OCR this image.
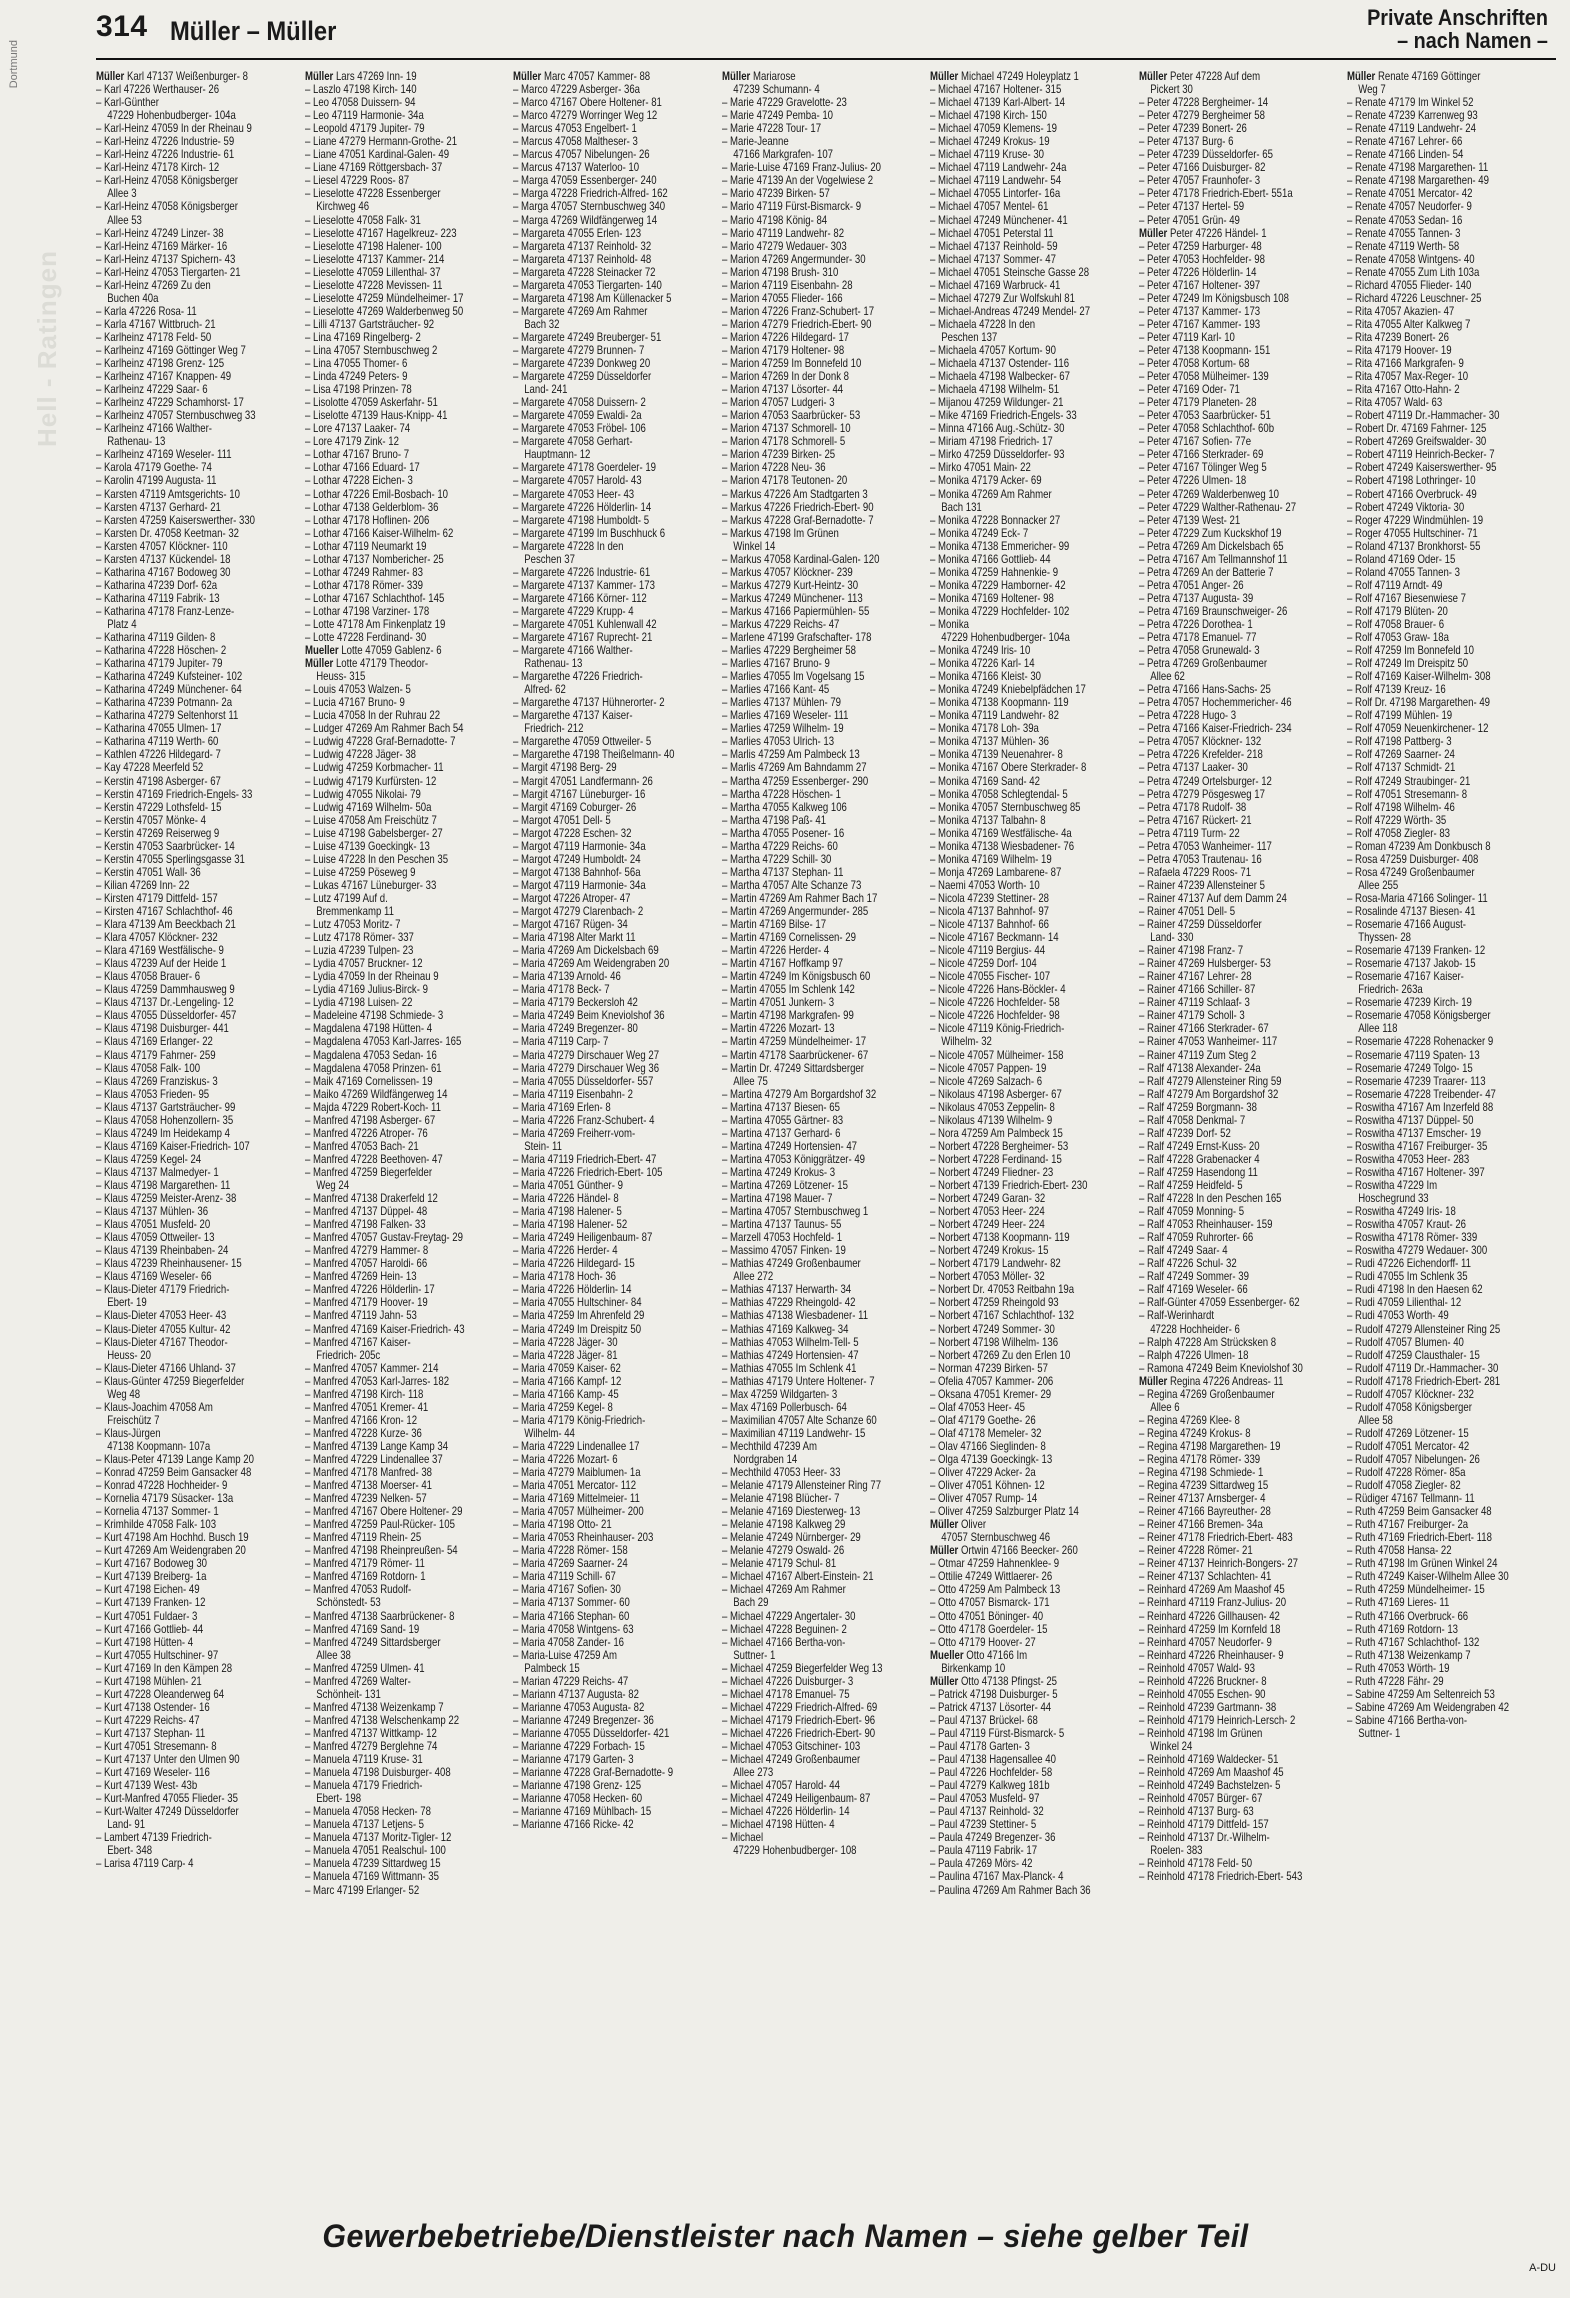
314 Müller – Müller	Private Anschriften
– nach Namen –
Hell - Ratingen
Dortmund	Müller Karl 47137 Weißenburger- 8
– Karl 47226 Werthauser- 26
– Karl-Günther
47229 Hohenbudberger- 104a
– Karl-Heinz 47059 In der Rheinau 9
– Karl-Heinz 47226 Industrie- 59
– Karl-Heinz 47226 Industrie- 61
– Karl-Heinz 47178 Kirch- 12
– Karl-Heinz 47058 Königsberger
Allee 3
– Karl-Heinz 47058 Königsberger
Allee 53
– Karl-Heinz 47249 Linzer- 38
– Karl-Heinz 47169 Märker- 16
– Karl-Heinz 47137 Spichern- 43
– Karl-Heinz 47053 Tiergarten- 21
– Karl-Heinz 47269 Zu den
Buchen 40a
– Karla 47226 Rosa- 11
– Karla 47167 Wittbruch- 21
– Karlheinz 47178 Feld- 50
– Karlheinz 47169 Göttinger Weg 7
– Karlheinz 47198 Grenz- 125
– Karlheinz 47167 Knappen- 49
– Karlheinz 47229 Saar- 6
– Karlheinz 47229 Schamhorst- 17
– Karlheinz 47057 Sternbuschweg 33
– Karlheinz 47166 Walther-
Rathenau- 13
– Karlheinz 47169 Weseler- 111
– Karola 47179 Goethe- 74
– Karolin 47199 Augusta- 11
– Karsten 47119 Amtsgerichts- 10
– Karsten 47137 Gerhard- 21
– Karsten 47259 Kaiserswerther- 330
– Karsten Dr. 47058 Keetman- 32
– Karsten 47057 Klöckner- 110
– Karsten 47137 Kückendel- 18
– Katharina 47167 Bodoweg 30
– Katharina 47239 Dorf- 62a
– Katharina 47119 Fabrik- 13
– Katharina 47178 Franz-Lenze-
Platz 4
– Katharina 47119 Gilden- 8
– Katharina 47228 Höschen- 2
– Katharina 47179 Jupiter- 79
– Katharina 47249 Kufsteiner- 102
– Katharina 47249 Münchener- 64
– Katharina 47239 Potmann- 2a
– Katharina 47279 Seltenhorst 11
– Katharina 47055 Ulmen- 17
– Katharina 47119 Werth- 60
– Kathlen 47226 Hildegard- 7
– Kay 47228 Meerfeld 52
– Kerstin 47198 Asberger- 67
– Kerstin 47169 Friedrich-Engels- 33
– Kerstin 47229 Lothsfeld- 15
– Kerstin 47057 Mönke- 4
– Kerstin 47269 Reiserweg 9
– Kerstin 47053 Saarbrücker- 14
– Kerstin 47055 Sperlingsgasse 31
– Kerstin 47051 Wall- 36
– Kilian 47269 Inn- 22
– Kirsten 47179 Dittfeld- 157
– Kirsten 47167 Schlachthof- 46
– Klara 47139 Am Beeckbach 21
– Klara 47057 Klöckner- 232
– Klara 47169 Westfälische- 9
– Klaus 47239 Auf der Heide 1
– Klaus 47058 Brauer- 6
– Klaus 47259 Dammhausweg 9
– Klaus 47137 Dr.-Lengeling- 12
– Klaus 47055 Düsseldorfer- 457
– Klaus 47198 Duisburger- 441
– Klaus 47169 Erlanger- 22
– Klaus 47179 Fahrner- 259
– Klaus 47058 Falk- 100
– Klaus 47269 Franziskus- 3
– Klaus 47053 Frieden- 95
– Klaus 47137 Gartsträucher- 99
– Klaus 47058 Hohenzollern- 35
– Klaus 47249 Im Heidekamp 4
– Klaus 47169 Kaiser-Friedrich- 107
– Klaus 47259 Kegel- 24
– Klaus 47137 Malmedyer- 1
– Klaus 47198 Margarethen- 11
– Klaus 47259 Meister-Arenz- 38
– Klaus 47137 Mühlen- 36
– Klaus 47051 Musfeld- 20
– Klaus 47059 Ottweiler- 13
– Klaus 47139 Rheinbaben- 24
– Klaus 47239 Rheinhausener- 15
– Klaus 47169 Weseler- 66
– Klaus-Dieter 47179 Friedrich-
Ebert- 19
– Klaus-Dieter 47053 Heer- 43
– Klaus-Dieter 47055 Kultur- 42
– Klaus-Dieter 47167 Theodor-
Heuss- 20
– Klaus-Dieter 47166 Uhland- 37
– Klaus-Günter 47259 Biegerfelder
Weg 48
– Klaus-Joachim 47058 Am
Freischütz 7
– Klaus-Jürgen
47138 Koopmann- 107a
– Klaus-Peter 47139 Lange Kamp 20
– Konrad 47259 Beim Gansacker 48
– Konrad 47228 Hochheider- 9
– Kornelia 47179 Süsacker- 13a
– Kornelia 47137 Sommer- 1
– Krimhilde 47058 Falk- 103
– Kurt 47198 Am Hochhd. Busch 19
– Kurt 47269 Am Weidengraben 20
– Kurt 47167 Bodoweg 30
– Kurt 47139 Breiberg- 1a
– Kurt 47198 Eichen- 49
– Kurt 47139 Franken- 12
– Kurt 47051 Fuldaer- 3
– Kurt 47166 Gottlieb- 44
– Kurt 47198 Hütten- 4
– Kurt 47055 Hultschiner- 97
– Kurt 47169 In den Kämpen 28
– Kurt 47198 Mühlen- 21
– Kurt 47228 Oleanderweg 64
– Kurt 47138 Ostender- 16
– Kurt 47229 Reichs- 47
– Kurt 47137 Stephan- 11
– Kurt 47051 Stresemann- 8
– Kurt 47137 Unter den Ulmen 90
– Kurt 47169 Weseler- 116
– Kurt 47139 West- 43b
– Kurt-Manfred 47055 Flieder- 35
– Kurt-Walter 47249 Düsseldorfer
Land- 91
– Lambert 47139 Friedrich-
Ebert- 348
– Larisa 47119 Carp- 4
Müller Lars 47269 Inn- 19
– Laszlo 47198 Kirch- 140
– Leo 47058 Duissern- 94
– Leo 47119 Harmonie- 34a
– Leopold 47179 Jupiter- 79
– Liane 47279 Hermann-Grothe- 21
– Liane 47051 Kardinal-Galen- 49
– Liane 47169 Röttgersbach- 37
– Liesel 47229 Roos- 87
– Lieselotte 47228 Essenberger
Kirchweg 46
– Lieselotte 47058 Falk- 31
– Lieselotte 47167 Hagelkreuz- 223
– Lieselotte 47198 Halener- 100
– Lieselotte 47137 Kammer- 214
– Lieselotte 47059 Lillenthal- 37
– Lieselotte 47228 Mevissen- 11
– Lieselotte 47259 Mündelheimer- 17
– Lieselotte 47269 Walderbenweg 50
– Lilli 47137 Gartsträucher- 92
– Lina 47169 Ringelberg- 2
– Lina 47057 Sternbuschweg 2
– Lina 47055 Thomer- 6
– Linda 47249 Peters- 9
– Lisa 47198 Prinzen- 78
– Lisolotte 47059 Askerfahr- 51
– Liselotte 47139 Haus-Knipp- 41
– Lore 47137 Laaker- 74
– Lore 47179 Zink- 12
– Lothar 47167 Bruno- 7
– Lothar 47166 Eduard- 17
– Lothar 47228 Eichen- 3
– Lothar 47226 Emil-Bosbach- 10
– Lothar 47138 Gelderblom- 36
– Lothar 47178 Hoflinen- 206
– Lothar 47166 Kaiser-Wilhelm- 62
– Lothar 47119 Neumarkt 19
– Lothar 47137 Nombericher- 25
– Lothar 47249 Rahmer- 83
– Lothar 47178 Römer- 339
– Lothar 47167 Schlachthof- 145
– Lothar 47198 Varziner- 178
– Lotte 47178 Am Finkenplatz 19
– Lotte 47228 Ferdinand- 30
Mueller Lotte 47059 Gablenz- 6
Müller Lotte 47179 Theodor-
Heuss- 315
– Louis 47053 Walzen- 5
– Lucia 47167 Bruno- 9
– Lucia 47058 In der Ruhrau 22
– Ludger 47269 Am Rahmer Bach 54
– Ludwig 47228 Graf-Bernadotte- 7
– Ludwig 47228 Jäger- 38
– Ludwig 47259 Korbmacher- 11
– Ludwig 47179 Kurfürsten- 12
– Ludwig 47055 Nikolai- 79
– Ludwig 47169 Wilhelm- 50a
– Luise 47058 Am Freischütz 7
– Luise 47198 Gabelsberger- 27
– Luise 47139 Goeckingk- 13
– Luise 47228 In den Peschen 35
– Luise 47259 Pöseweg 9
– Lukas 47167 Lüneburger- 33
– Lutz 47199 Auf d.
Bremmenkamp 11
– Lutz 47053 Moritz- 7
– Lutz 47178 Römer- 337
– Luzia 47239 Tulpen- 23
– Lydia 47057 Bruckner- 12
– Lydia 47059 In der Rheinau 9
– Lydia 47169 Julius-Birck- 9
– Lydia 47198 Luisen- 22
– Madeleine 47198 Schmiede- 3
– Magdalena 47198 Hütten- 4
– Magdalena 47053 Karl-Jarres- 165
– Magdalena 47053 Sedan- 16
– Magdalena 47058 Prinzen- 61
– Maik 47169 Cornelissen- 19
– Maiko 47269 Wildfängerweg 14
– Majda 47229 Robert-Koch- 11
– Manfred 47198 Asberger- 67
– Manfred 47226 Atroper- 76
– Manfred 47053 Bach- 21
– Manfred 47228 Beethoven- 47
– Manfred 47259 Biegerfelder
Weg 24
– Manfred 47138 Drakerfeld 12
– Manfred 47137 Düppel- 48
– Manfred 47198 Falken- 33
– Manfred 47057 Gustav-Freytag- 29
– Manfred 47279 Hammer- 8
– Manfred 47057 Haroldi- 66
– Manfred 47269 Hein- 13
– Manfred 47226 Hölderlin- 17
– Manfred 47179 Hoover- 19
– Manfred 47119 Jahn- 53
– Manfred 47169 Kaiser-Friedrich- 43
– Manfred 47167 Kaiser-
Friedrich- 205c
– Manfred 47057 Kammer- 214
– Manfred 47053 Karl-Jarres- 182
– Manfred 47198 Kirch- 118
– Manfred 47051 Kremer- 41
– Manfred 47166 Kron- 12
– Manfred 47228 Kurze- 36
– Manfred 47139 Lange Kamp 34
– Manfred 47229 Lindenallee 37
– Manfred 47178 Manfred- 38
– Manfred 47138 Moerser- 41
– Manfred 47239 Nelken- 57
– Manfred 47167 Obere Holtener- 29
– Manfred 47259 Paul-Rücker- 105
– Manfred 47119 Rhein- 25
– Manfred 47198 Rheinpreußen- 54
– Manfred 47179 Römer- 11
– Manfred 47169 Rotdorn- 1
– Manfred 47053 Rudolf-
Schönstedt- 53
– Manfred 47138 Saarbrückener- 8
– Manfred 47169 Sand- 19
– Manfred 47249 Sittardsberger
Allee 38
– Manfred 47259 Ulmen- 41
– Manfred 47269 Walter-
Schönheit- 131
– Manfred 47138 Weizenkamp 7
– Manfred 47138 Welschenkamp 22
– Manfred 47137 Wittkamp- 12
– Manfred 47279 Berglehne 74
– Manuela 47119 Kruse- 31
– Manuela 47198 Duisburger- 408
– Manuela 47179 Friedrich-
Ebert- 198
– Manuela 47058 Hecken- 78
– Manuela 47137 Letjens- 5
– Manuela 47137 Moritz-Tigler- 12
– Manuela 47051 Realschul- 100
– Manuela 47239 Sittardweg 15
– Manuela 47169 Wittmann- 35
– Marc 47199 Erlanger- 52
Müller Marc 47057 Kammer- 88
– Marco 47229 Asberger- 36a
– Marco 47167 Obere Holtener- 81
– Marco 47279 Worringer Weg 12
– Marcus 47053 Engelbert- 1
– Marcus 47058 Maltheser- 3
– Marcus 47057 Nibelungen- 26
– Marcus 47137 Waterloo- 10
– Marga 47059 Essenberger- 240
– Marga 47228 Friedrich-Alfred- 162
– Marga 47057 Sternbuschweg 340
– Marga 47269 Wildfängerweg 14
– Margareta 47055 Erlen- 123
– Margareta 47137 Reinhold- 32
– Margareta 47137 Reinhold- 48
– Margareta 47228 Steinacker 72
– Margareta 47053 Tiergarten- 140
– Margareta 47198 Am Küllenacker 5
– Margarete 47269 Am Rahmer
Bach 32
– Margarete 47249 Breuberger- 51
– Margarete 47279 Brunnen- 7
– Margarete 47239 Donkweg 20
– Margarete 47259 Düsseldorfer
Land- 241
– Margarete 47058 Duissern- 2
– Margarete 47059 Ewaldi- 2a
– Margarete 47053 Fröbel- 106
– Margarete 47058 Gerhart-
Hauptmann- 12
– Margarete 47178 Goerdeler- 19
– Margarete 47057 Harold- 43
– Margarete 47053 Heer- 43
– Margarete 47226 Hölderlin- 14
– Margarete 47198 Humboldt- 5
– Margarete 47199 Im Buschhuck 6
– Margarete 47228 In den
Peschen 37
– Margarete 47226 Industrie- 61
– Margarete 47137 Kammer- 173
– Margarete 47166 Körner- 112
– Margarete 47229 Krupp- 4
– Margarete 47051 Kuhlenwall 42
– Margarete 47167 Ruprecht- 21
– Margarete 47166 Walther-
Rathenau- 13
– Margarethe 47226 Friedrich-
Alfred- 62
– Margarethe 47137 Hühnerorter- 2
– Margarethe 47137 Kaiser-
Friedrich- 212
– Margarethe 47059 Ottweiler- 5
– Margarethe 47198 Theißelmann- 40
– Margit 47198 Berg- 29
– Margit 47051 Landfermann- 26
– Margit 47167 Lüneburger- 16
– Margit 47169 Coburger- 26
– Margot 47051 Dell- 5
– Margot 47228 Eschen- 32
– Margot 47119 Harmonie- 34a
– Margot 47249 Humboldt- 24
– Margot 47138 Bahnhof- 56a
– Margot 47119 Harmonie- 34a
– Margot 47226 Atroper- 47
– Margot 47279 Clarenbach- 2
– Margot 47167 Rügen- 34
– Maria 47198 Alter Markt 11
– Maria 47269 Am Dickelsbach 69
– Maria 47269 Am Weidengraben 20
– Maria 47139 Arnold- 46
– Maria 47178 Beck- 7
– Maria 47179 Beckersloh 42
– Maria 47249 Beim Kneviolshof 36
– Maria 47249 Bregenzer- 80
– Maria 47119 Carp- 7
– Maria 47279 Dirschauer Weg 27
– Maria 47279 Dirschauer Weg 36
– Maria 47055 Düsseldorfer- 557
– Maria 47119 Eisenbahn- 2
– Maria 47169 Erlen- 8
– Maria 47226 Franz-Schubert- 4
– Maria 47269 Freiherr-vom-
Stein- 11
– Maria 47119 Friedrich-Ebert- 47
– Maria 47226 Friedrich-Ebert- 105
– Maria 47051 Günther- 9
– Maria 47226 Händel- 8
– Maria 47198 Halener- 5
– Maria 47198 Halener- 52
– Maria 47249 Heiligenbaum- 87
– Maria 47226 Herder- 4
– Maria 47226 Hildegard- 15
– Maria 47178 Hoch- 36
– Maria 47226 Hölderlin- 14
– Maria 47055 Hultschiner- 84
– Maria 47259 Im Ahrenfeld 29
– Maria 47249 Im Dreispitz 50
– Maria 47228 Jäger- 30
– Maria 47228 Jäger- 81
– Maria 47059 Kaiser- 62
– Maria 47166 Kampf- 12
– Maria 47166 Kamp- 45
– Maria 47259 Kegel- 8
– Maria 47179 König-Friedrich-
Wilhelm- 44
– Maria 47229 Lindenallee 17
– Maria 47226 Mozart- 6
– Maria 47279 Maiblumen- 1a
– Maria 47051 Mercator- 112
– Maria 47169 Mittelmeier- 11
– Maria 47057 Mülheimer- 200
– Maria 47198 Otto- 21
– Maria 47053 Rheinhauser- 203
– Maria 47228 Römer- 158
– Maria 47269 Saarner- 24
– Maria 47119 Schill- 67
– Maria 47167 Sofien- 30
– Maria 47137 Sommer- 60
– Maria 47166 Stephan- 60
– Maria 47058 Wintgens- 63
– Maria 47058 Zander- 16
– Maria-Luise 47259 Am
Palmbeck 15
– Marian 47229 Reichs- 47
– Mariann 47137 Augusta- 82
– Marianne 47053 Augusta- 82
– Marianne 47249 Bregenzer- 36
– Marianne 47055 Düsseldorfer- 421
– Marianne 47229 Forbach- 15
– Marianne 47179 Garten- 3
– Marianne 47228 Graf-Bernadotte- 9
– Marianne 47198 Grenz- 125
– Marianne 47058 Hecken- 60
– Marianne 47169 Mühlbach- 15
– Marianne 47166 Ricke- 42
Müller Mariarose
47239 Schumann- 4
– Marie 47229 Gravelotte- 23
– Marie 47249 Pemba- 10
– Marie 47228 Tour- 17
– Marie-Jeanne
47166 Markgrafen- 107
– Marie-Luise 47169 Franz-Julius- 20
– Marie 47139 An der Vogelwiese 2
– Mario 47239 Birken- 57
– Mario 47119 Fürst-Bismarck- 9
– Mario 47198 König- 84
– Mario 47119 Landwehr- 82
– Mario 47279 Wedauer- 303
– Marion 47269 Angermunder- 30
– Marion 47198 Brush- 310
– Marion 47119 Eisenbahn- 28
– Marion 47055 Flieder- 166
– Marion 47226 Franz-Schubert- 17
– Marion 47279 Friedrich-Ebert- 90
– Marion 47226 Hildegard- 17
– Marion 47179 Holtener- 98
– Marion 47259 Im Bonnefeld 10
– Marion 47269 In der Donk 8
– Marion 47137 Lösorter- 44
– Marion 47057 Ludgeri- 3
– Marion 47053 Saarbrücker- 53
– Marion 47137 Schmorell- 10
– Marion 47178 Schmorell- 5
– Marion 47239 Birken- 25
– Marion 47228 Neu- 36
– Marion 47178 Teutonen- 20
– Markus 47226 Am Stadtgarten 3
– Markus 47226 Friedrich-Ebert- 90
– Markus 47228 Graf-Bernadotte- 7
– Markus 47198 Im Grünen
Winkel 14
– Markus 47058 Kardinal-Galen- 120
– Markus 47057 Klöckner- 239
– Markus 47279 Kurt-Heintz- 30
– Markus 47249 Münchener- 113
– Markus 47166 Papiermühlen- 55
– Markus 47229 Reichs- 47
– Marlene 47199 Grafschafter- 178
– Marlies 47229 Bergheimer 58
– Marlies 47167 Bruno- 9
– Marlies 47055 Im Vogelsang 15
– Marlies 47166 Kant- 45
– Marlies 47137 Mühlen- 79
– Marlies 47169 Weseler- 111
– Marlies 47259 Wilhelm- 19
– Marlies 47053 Ulrich- 13
– Marlis 47259 Am Palmbeck 13
– Marlis 47269 Am Bahndamm 27
– Martha 47259 Essenberger- 290
– Martha 47228 Höschen- 1
– Martha 47055 Kalkweg 106
– Martha 47198 Paß- 41
– Martha 47055 Posener- 16
– Martha 47229 Reichs- 60
– Martha 47229 Schill- 30
– Martha 47137 Stephan- 11
– Martha 47057 Alte Schanze 73
– Martin 47269 Am Rahmer Bach 17
– Martin 47269 Angermunder- 285
– Martin 47169 Bilse- 17
– Martin 47169 Cornelissen- 29
– Martin 47226 Herder- 4
– Martin 47167 Hoffkamp 97
– Martin 47249 Im Königsbusch 60
– Martin 47055 Im Schlenk 142
– Martin 47051 Junkern- 3
– Martin 47198 Markgrafen- 99
– Martin 47226 Mozart- 13
– Martin 47259 Mündelheimer- 17
– Martin 47178 Saarbrückener- 67
– Martin Dr. 47249 Sittardsberger
Allee 75
– Martina 47279 Am Borgardshof 32
– Martina 47137 Biesen- 65
– Martina 47055 Gärtner- 83
– Martina 47137 Gerhard- 6
– Martina 47249 Hortensien- 47
– Martina 47053 Königgrätzer- 49
– Martina 47249 Krokus- 3
– Martina 47269 Lötzener- 15
– Martina 47198 Mauer- 7
– Martina 47057 Sternbuschweg 1
– Martina 47137 Taunus- 55
– Marzell 47053 Hochfeld- 1
– Massimo 47057 Finken- 19
– Mathias 47249 Großenbaumer
Allee 272
– Mathias 47137 Herwarth- 34
– Mathias 47229 Rheingold- 42
– Mathias 47138 Wiesbadener- 11
– Mathias 47169 Kalkweg- 34
– Mathias 47053 Wilhelm-Tell- 5
– Mathias 47249 Hortensien- 47
– Mathias 47055 Im Schlenk 41
– Mathias 47179 Untere Holtener- 7
– Max 47259 Wildgarten- 3
– Max 47169 Pollerbusch- 64
– Maximilian 47057 Alte Schanze 60
– Maximilian 47119 Landwehr- 15
– Mechthild 47239 Am
Nordgraben 14
– Mechthild 47053 Heer- 33
– Melanie 47179 Allensteiner Ring 77
– Melanie 47198 Blücher- 7
– Melanie 47169 Diesterweg- 13
– Melanie 47198 Kalkweg 29
– Melanie 47249 Nürnberger- 29
– Melanie 47279 Oswald- 26
– Melanie 47179 Schul- 81
– Michael 47167 Albert-Einstein- 21
– Michael 47269 Am Rahmer
Bach 29
– Michael 47229 Angertaler- 30
– Michael 47228 Beguinen- 2
– Michael 47166 Bertha-von-
Suttner- 1
– Michael 47259 Biegerfelder Weg 13
– Michael 47226 Duisburger- 3
– Michael 47178 Emanuel- 75
– Michael 47229 Friedrich-Alfred- 69
– Michael 47179 Friedrich-Ebert- 96
– Michael 47226 Friedrich-Ebert- 90
– Michael 47053 Gitschiner- 103
– Michael 47249 Großenbaumer
Allee 273
– Michael 47057 Harold- 44
– Michael 47249 Heiligenbaum- 87
– Michael 47226 Hölderlin- 14
– Michael 47198 Hütten- 4
– Michael
47229 Hohenbudberger- 108
Müller Michael 47249 Holeyplatz 1
– Michael 47167 Holtener- 315
– Michael 47139 Karl-Albert- 14
– Michael 47198 Kirch- 150
– Michael 47059 Klemens- 19
– Michael 47249 Krokus- 19
– Michael 47119 Kruse- 30
– Michael 47119 Landwehr- 24a
– Michael 47119 Landwehr- 54
– Michael 47055 Lintorfer- 16a
– Michael 47057 Mentel- 61
– Michael 47249 Münchener- 41
– Michael 47051 Peterstal 11
– Michael 47137 Reinhold- 59
– Michael 47137 Sommer- 47
– Michael 47051 Steinsche Gasse 28
– Michael 47169 Warbruck- 41
– Michael 47279 Zur Wolfskuhl 81
– Michael-Andreas 47249 Mendel- 27
– Michaela 47228 In den
Peschen 137
– Michaela 47057 Kortum- 90
– Michaela 47137 Ostender- 116
– Michaela 47198 Walbecker- 67
– Michaela 47198 Wilhelm- 51
– Mijanou 47259 Wildunger- 21
– Mike 47169 Friedrich-Engels- 33
– Minna 47166 Aug.-Schütz- 30
– Miriam 47198 Friedrich- 17
– Mirko 47259 Düsseldorfer- 93
– Mirko 47051 Main- 22
– Monika 47179 Acker- 69
– Monika 47269 Am Rahmer
Bach 131
– Monika 47228 Bonnacker 27
– Monika 47249 Eck- 7
– Monika 47138 Emmericher- 99
– Monika 47166 Gottlieb- 44
– Monika 47259 Hahnenkie- 9
– Monika 47229 Hamborner- 42
– Monika 47169 Holtener- 98
– Monika 47229 Hochfelder- 102
– Monika
47229 Hohenbudberger- 104a
– Monika 47249 Iris- 10
– Monika 47226 Karl- 14
– Monika 47166 Kleist- 30
– Monika 47249 Kniebelpfädchen 17
– Monika 47138 Koopmann- 119
– Monika 47119 Landwehr- 82
– Monika 47178 Loh- 39a
– Monika 47137 Mühlen- 36
– Monika 47139 Neuenahrer- 8
– Monika 47167 Obere Sterkrader- 8
– Monika 47169 Sand- 42
– Monika 47058 Schlegtendal- 5
– Monika 47057 Sternbuschweg 85
– Monika 47137 Talbahn- 8
– Monika 47169 Westfälische- 4a
– Monika 47138 Wiesbadener- 76
– Monika 47169 Wilhelm- 19
– Monja 47269 Lambarene- 87
– Naemi 47053 Worth- 10
– Nicola 47239 Stettiner- 28
– Nicola 47137 Bahnhof- 97
– Nicole 47137 Bahnhof- 66
– Nicole 47167 Beckmann- 14
– Nicole 47119 Bergius- 44
– Nicole 47259 Dorf- 104
– Nicole 47055 Fischer- 107
– Nicole 47226 Hans-Böckler- 4
– Nicole 47226 Hochfelder- 58
– Nicole 47226 Hochfelder- 98
– Nicole 47119 König-Friedrich-
Wilhelm- 32
– Nicole 47057 Mülheimer- 158
– Nicole 47057 Pappen- 19
– Nicole 47269 Salzach- 6
– Nikolaus 47198 Asberger- 67
– Nikolaus 47053 Zeppelin- 8
– Nikolaus 47139 Wilhelm- 9
– Nora 47259 Am Palmbeck 15
– Norbert 47228 Bergheimer- 53
– Norbert 47228 Ferdinand- 15
– Norbert 47249 Fliedner- 23
– Norbert 47139 Friedrich-Ebert- 230
– Norbert 47249 Garan- 32
– Norbert 47053 Heer- 224
– Norbert 47249 Heer- 224
– Norbert 47138 Koopmann- 119
– Norbert 47249 Krokus- 15
– Norbert 47179 Landwehr- 82
– Norbert 47053 Möller- 32
– Norbert Dr. 47053 Reitbahn 19a
– Norbert 47259 Rheingold 93
– Norbert 47167 Schlachthof- 132
– Norbert 47249 Sommer- 30
– Norbert 47198 Wilhelm- 136
– Norbert 47269 Zu den Erlen 10
– Norman 47239 Birken- 57
– Ofelia 47057 Kammer- 206
– Oksana 47051 Kremer- 29
– Olaf 47053 Heer- 45
– Olaf 47179 Goethe- 26
– Olaf 47178 Memeler- 32
– Olav 47166 Sieglinden- 8
– Olga 47139 Goeckingk- 13
– Oliver 47229 Acker- 2a
– Oliver 47051 Köhnen- 12
– Oliver 47057 Rump- 14
– Oliver 47259 Salzburger Platz 14
Müller Oliver
47057 Sternbuschweg 46
Müller Ortwin 47166 Beecker- 260
– Otmar 47259 Hahnenklee- 9
– Ottilie 47249 Wittlaerer- 26
– Otto 47259 Am Palmbeck 13
– Otto 47057 Bismarck- 171
– Otto 47051 Böninger- 40
– Otto 47178 Goerdeler- 15
– Otto 47179 Hoover- 27
Mueller Otto 47166 Im
Birkenkamp 10
Müller Otto 47138 Pfingst- 25
– Patrick 47198 Duisburger- 5
– Patrick 47137 Lösorter- 44
– Paul 47137 Brückel- 68
– Paul 47119 Fürst-Bismarck- 5
– Paul 47178 Garten- 3
– Paul 47138 Hagensallee 40
– Paul 47226 Hochfelder- 58
– Paul 47279 Kalkweg 181b
– Paul 47053 Musfeld- 97
– Paul 47137 Reinhold- 32
– Paul 47239 Stettiner- 5
– Paula 47249 Bregenzer- 36
– Paula 47119 Fabrik- 17
– Paula 47269 Mörs- 42
– Paulina 47167 Max-Planck- 4
– Paulina 47269 Am Rahmer Bach 36
Müller Peter 47228 Auf dem
Pickert 30
– Peter 47228 Bergheimer- 14
– Peter 47279 Bergheimer 58
– Peter 47239 Bonert- 26
– Peter 47137 Burg- 6
– Peter 47239 Düsseldorfer- 65
– Peter 47166 Duisburger- 82
– Peter 47057 Fraunhofer- 3
– Peter 47178 Friedrich-Ebert- 551a
– Peter 47137 Hertel- 59
– Peter 47051 Grün- 49
Müller Peter 47226 Händel- 1
– Peter 47259 Harburger- 48
– Peter 47053 Hochfelder- 98
– Peter 47226 Hölderlin- 14
– Peter 47167 Holtener- 397
– Peter 47249 Im Königsbusch 108
– Peter 47137 Kammer- 173
– Peter 47167 Kammer- 193
– Peter 47119 Karl- 10
– Peter 47138 Koopmann- 151
– Peter 47058 Kortum- 68
– Peter 47058 Mülheimer- 139
– Peter 47169 Oder- 71
– Peter 47179 Planeten- 28
– Peter 47053 Saarbrücker- 51
– Peter 47058 Schlachthof- 60b
– Peter 47167 Sofien- 77e
– Peter 47166 Sterkrader- 69
– Peter 47167 Tölinger Weg 5
– Peter 47226 Ulmen- 18
– Peter 47269 Walderbenweg 10
– Peter 47229 Walther-Rathenau- 27
– Peter 47139 West- 21
– Peter 47229 Zum Kuckskhof 19
– Petra 47269 Am Dickelsbach 65
– Petra 47167 Am Tellmannshof 11
– Petra 47269 An der Batterie 7
– Petra 47051 Anger- 26
– Petra 47137 Augusta- 39
– Petra 47169 Braunschweiger- 26
– Petra 47226 Dorothea- 1
– Petra 47178 Emanuel- 77
– Petra 47058 Grunewald- 3
– Petra 47269 Großenbaumer
Allee 62
– Petra 47166 Hans-Sachs- 25
– Petra 47057 Hochemmericher- 46
– Petra 47228 Hugo- 3
– Petra 47166 Kaiser-Friedrich- 234
– Petra 47057 Klöckner- 132
– Petra 47226 Krefelder- 218
– Petra 47137 Laaker- 30
– Petra 47249 Ortelsburger- 12
– Petra 47279 Pösgesweg 17
– Petra 47178 Rudolf- 38
– Petra 47167 Rückert- 21
– Petra 47119 Turm- 22
– Petra 47053 Wanheimer- 117
– Petra 47053 Trautenau- 16
– Rafaela 47229 Roos- 71
– Rainer 47239 Allensteiner 5
– Rainer 47137 Auf dem Damm 24
– Rainer 47051 Dell- 5
– Rainer 47259 Düsseldorfer
Land- 330
– Rainer 47198 Franz- 7
– Rainer 47269 Hulsberger- 53
– Rainer 47167 Lehrer- 28
– Rainer 47166 Schiller- 87
– Rainer 47119 Schlaaf- 3
– Rainer 47179 Scholl- 3
– Rainer 47166 Sterkrader- 67
– Rainer 47053 Wanheimer- 117
– Rainer 47119 Zum Steg 2
– Ralf 47138 Alexander- 24a
– Ralf 47279 Allensteiner Ring 59
– Ralf 47279 Am Borgardshof 32
– Ralf 47259 Borgmann- 38
– Ralf 47058 Denkmal- 7
– Ralf 47239 Dorf- 52
– Ralf 47249 Ernst-Kuss- 20
– Ralf 47228 Grabenacker 4
– Ralf 47259 Hasendong 11
– Ralf 47259 Heidfeld- 5
– Ralf 47228 In den Peschen 165
– Ralf 47059 Monning- 5
– Ralf 47053 Rheinhauser- 159
– Ralf 47059 Ruhrorter- 66
– Ralf 47249 Saar- 4
– Ralf 47226 Schul- 32
– Ralf 47249 Sommer- 39
– Ralf 47169 Weseler- 66
– Ralf-Günter 47059 Essenberger- 62
– Ralf-Werinhardt
47228 Hochheider- 6
– Ralph 47228 Am Strücksken 8
– Ralph 47226 Ulmen- 18
– Ramona 47249 Beim Kneviolshof 30
Müller Regina 47226 Andreas- 11
– Regina 47269 Großenbaumer
Allee 6
– Regina 47269 Klee- 8
– Regina 47249 Krokus- 8
– Regina 47198 Margarethen- 19
– Regina 47178 Römer- 339
– Regina 47198 Schmiede- 1
– Regina 47239 Sittardweg 15
– Reiner 47137 Arnsberger- 4
– Reiner 47166 Bayreuther- 28
– Reiner 47166 Bremen- 34a
– Reiner 47178 Friedrich-Ebert- 483
– Reiner 47228 Römer- 21
– Reiner 47137 Heinrich-Bongers- 27
– Reiner 47137 Schlachten- 41
– Reinhard 47269 Am Maashof 45
– Reinhard 47119 Franz-Julius- 20
– Reinhard 47226 Gillhausen- 42
– Reinhard 47259 Im Kornfeld 18
– Reinhard 47057 Neudorfer- 9
– Reinhard 47226 Rheinhauser- 9
– Reinhold 47057 Wald- 93
– Reinhold 47226 Bruckner- 8
– Reinhold 47055 Eschen- 90
– Reinhold 47239 Gartmann- 38
– Reinhold 47179 Heinrich-Lersch- 2
– Reinhold 47198 Im Grünen
Winkel 24
– Reinhold 47169 Waldecker- 51
– Reinhold 47269 Am Maashof 45
– Reinhold 47249 Bachstelzen- 5
– Reinhold 47057 Bürger- 67
– Reinhold 47137 Burg- 63
– Reinhold 47179 Dittfeld- 157
– Reinhold 47137 Dr.-Wilhelm-
Roelen- 383
– Reinhold 47178 Feld- 50
– Reinhold 47178 Friedrich-Ebert- 543
Müller Renate 47169 Göttinger
Weg 7
– Renate 47179 Im Winkel 52
– Renate 47239 Karrenweg 93
– Renate 47119 Landwehr- 24
– Renate 47167 Lehrer- 66
– Renate 47166 Linden- 54
– Renate 47198 Margarethen- 11
– Renate 47198 Margarethen- 49
– Renate 47051 Mercator- 42
– Renate 47057 Neudorfer- 9
– Renate 47053 Sedan- 16
– Renate 47055 Tannen- 3
– Renate 47119 Werth- 58
– Renate 47058 Wintgens- 40
– Renate 47055 Zum Lith 103a
– Richard 47055 Flieder- 140
– Richard 47226 Leuschner- 25
– Rita 47057 Akazien- 47
– Rita 47055 Alter Kalkweg 7
– Rita 47239 Bonert- 26
– Rita 47179 Hoover- 19
– Rita 47166 Markgrafen- 9
– Rita 47057 Max-Reger- 10
– Rita 47167 Otto-Hahn- 2
– Rita 47057 Wald- 63
– Robert 47119 Dr.-Hammacher- 30
– Robert Dr. 47169 Fahrner- 125
– Robert 47269 Greifswalder- 30
– Robert 47119 Heinrich-Becker- 7
– Robert 47249 Kaiserswerther- 95
– Robert 47198 Lothringer- 10
– Robert 47166 Overbruck- 49
– Robert 47249 Viktoria- 30
– Roger 47229 Windmühlen- 19
– Roger 47055 Hultschiner- 71
– Roland 47137 Bronkhorst- 55
– Roland 47169 Oder- 15
– Roland 47055 Tannen- 3
– Rolf 47119 Arndt- 49
– Rolf 47167 Biesenwiese 7
– Rolf 47179 Blüten- 20
– Rolf 47058 Brauer- 6
– Rolf 47053 Graw- 18a
– Rolf 47259 Im Bonnefeld 10
– Rolf 47249 Im Dreispitz 50
– Rolf 47169 Kaiser-Wilhelm- 308
– Rolf 47139 Kreuz- 16
– Rolf Dr. 47198 Margarethen- 49
– Rolf 47199 Mühlen- 19
– Rolf 47059 Neuenkirchener- 12
– Rolf 47198 Pattberg- 3
– Rolf 47269 Saarner- 24
– Rolf 47137 Schmidt- 21
– Rolf 47249 Straubinger- 21
– Rolf 47051 Stresemann- 8
– Rolf 47198 Wilhelm- 46
– Rolf 47229 Wörth- 35
– Rolf 47058 Ziegler- 83
– Roman 47239 Am Donkbusch 8
– Rosa 47259 Duisburger- 408
– Rosa 47249 Großenbaumer
Allee 255
– Rosa-Maria 47166 Solinger- 11
– Rosalinde 47137 Biesen- 41
– Rosemarie 47166 August-
Thyssen- 28
– Rosemarie 47139 Franken- 12
– Rosemarie 47137 Jakob- 15
– Rosemarie 47167 Kaiser-
Friedrich- 263a
– Rosemarie 47239 Kirch- 19
– Rosemarie 47058 Königsberger
Allee 118
– Rosemarie 47228 Rohenacker 9
– Rosemarie 47119 Spaten- 13
– Rosemarie 47249 Tolgo- 15
– Rosemarie 47239 Traarer- 113
– Rosemarie 47228 Treibender- 47
– Roswitha 47167 Am Inzerfeld 88
– Roswitha 47137 Düppel- 50
– Roswitha 47137 Emscher- 19
– Roswitha 47167 Freiburger- 35
– Roswitha 47053 Heer- 283
– Roswitha 47167 Holtener- 397
– Roswitha 47229 Im
Hoschegrund 33
– Roswitha 47249 Iris- 18
– Roswitha 47057 Kraut- 26
– Roswitha 47178 Römer- 339
– Roswitha 47279 Wedauer- 300
– Rudi 47226 Eichendorff- 11
– Rudi 47055 Im Schlenk 35
– Rudi 47198 In den Haesen 62
– Rudi 47059 Lilienthal- 12
– Rudi 47053 Worth- 49
– Rudolf 47279 Allensteiner Ring 25
– Rudolf 47057 Blumen- 40
– Rudolf 47259 Clausthaler- 15
– Rudolf 47119 Dr.-Hammacher- 30
– Rudolf 47178 Friedrich-Ebert- 281
– Rudolf 47057 Klöckner- 232
– Rudolf 47058 Königsberger
Allee 58
– Rudolf 47269 Lötzener- 15
– Rudolf 47051 Mercator- 42
– Rudolf 47057 Nibelungen- 26
– Rudolf 47228 Römer- 85a
– Rudolf 47058 Ziegler- 82
– Rüdiger 47167 Tellmann- 11
– Ruth 47259 Beim Gansacker 48
– Ruth 47167 Freiburger- 2a
– Ruth 47169 Friedrich-Ebert- 118
– Ruth 47058 Hansa- 22
– Ruth 47198 Im Grünen Winkel 24
– Ruth 47249 Kaiser-Wilhelm Allee 30
– Ruth 47259 Mündelheimer- 15
– Ruth 47169 Lieres- 11
– Ruth 47166 Overbruck- 66
– Ruth 47169 Rotdorn- 13
– Ruth 47167 Schlachthof- 132
– Ruth 47138 Weizenkamp 7
– Ruth 47053 Wörth- 19
– Ruth 47228 Fähr- 29
– Sabine 47259 Am Seltenreich 53
– Sabine 47269 Am Weidengraben 42
– Sabine 47166 Bertha-von-
Suttner- 1
Gewerbebetriebe/Dienstleister nach Namen – siehe gelber Teil
A-DU
